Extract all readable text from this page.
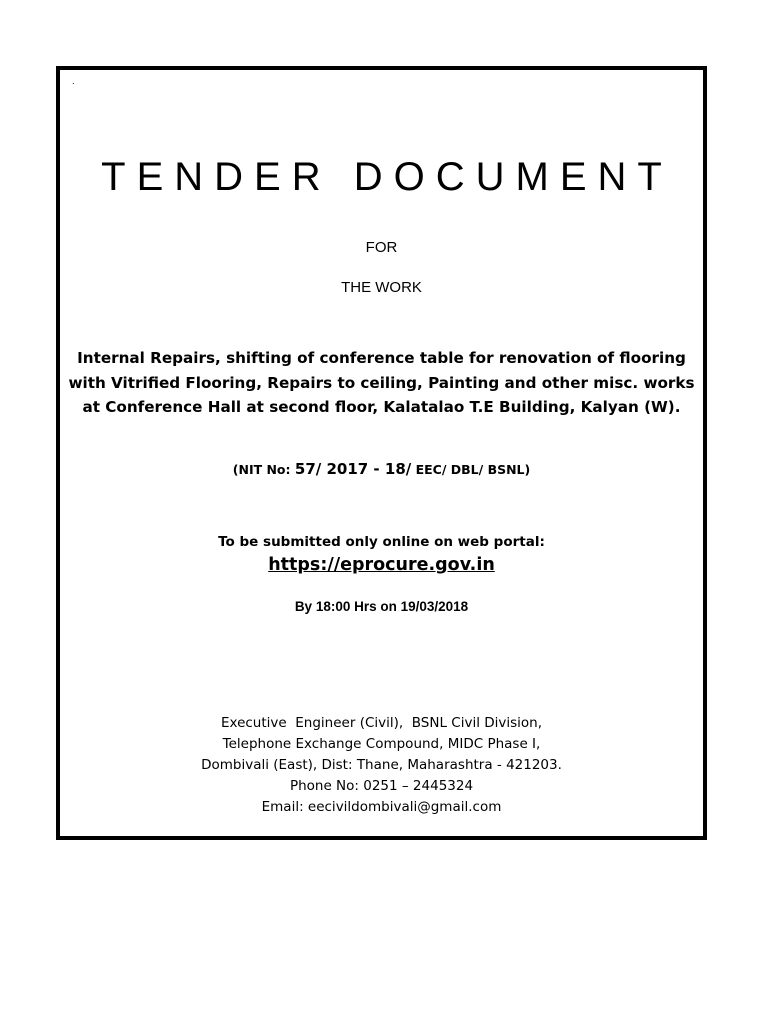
.
TENDER DOCUMENT
FOR
THE WORK
Internal Repairs, shifting of conference table for renovation of flooring with Vitrified Flooring, Repairs to ceiling, Painting and other misc. works at Conference Hall at second floor, Kalatalao T.E Building, Kalyan (W).
(NIT No: 57/ 2017 - 18/ EEC/ DBL/ BSNL)
To be submitted only online on web portal:
https://eprocure.gov.in
By 18:00 Hrs on 19/03/2018
Executive  Engineer (Civil),  BSNL Civil Division,
Telephone Exchange Compound, MIDC Phase I,
Dombivali (East), Dist: Thane, Maharashtra - 421203.
Phone No: 0251 – 2445324
Email: eecivildombivali@gmail.com
